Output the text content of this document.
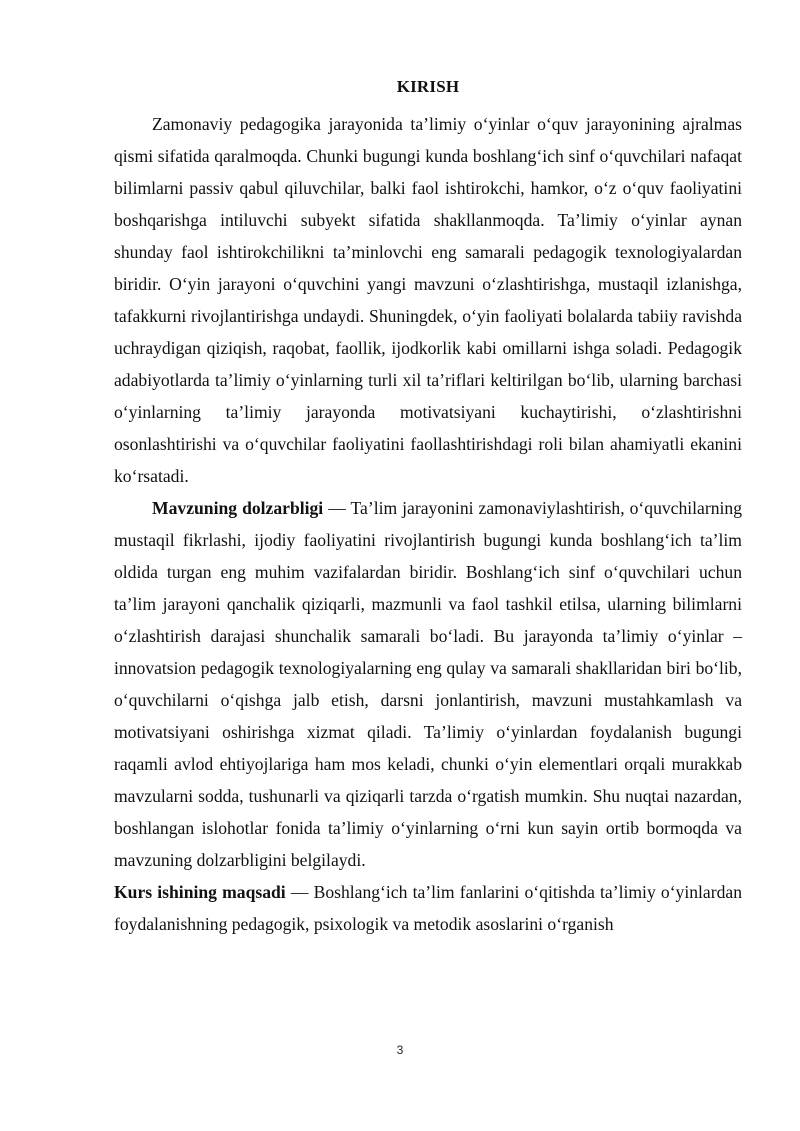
KIRISH

Zamonaviy pedagogika jarayonida ta’limiy o‘yinlar o‘quv jarayonining ajralmas qismi sifatida qaralmoqda. Chunki bugungi kunda boshlang‘ich sinf o‘quvchilari nafaqat bilimlarni passiv qabul qiluvchilar, balki faol ishtirokchi, hamkor, o‘z o‘quv faoliyatini boshqarishga intiluvchi subyekt sifatida shakllanmoqda. Ta’limiy o‘yinlar aynan shunday faol ishtirokchilikni ta’minlovchi eng samarali pedagogik texnologiyalardan biridir. O‘yin jarayoni o‘quvchini yangi mavzuni o‘zlashtirishga, mustaqil izlanishga, tafakkurni rivojlantirishga undaydi. Shuningdek, o‘yin faoliyati bolalarda tabiiy ravishda uchraydigan qiziqish, raqobat, faollik, ijodkorlik kabi omillarni ishga soladi. Pedagogik adabiyotlarda ta’limiy o‘yinlarning turli xil ta’riflari keltirilgan bo‘lib, ularning barchasi o‘yinlarning ta’limiy jarayonda motivatsiyani kuchaytirishi, o‘zlashtirishni osonlashtirishi va o‘quvchilar faoliyatini faollashtirishdagi roli bilan ahamiyatli ekanini ko‘rsatadi.

Mavzuning dolzarbligi — Ta’lim jarayonini zamonaviylashtirish, o‘quvchilarning mustaqil fikrlashi, ijodiy faoliyatini rivojlantirish bugungi kunda boshlang‘ich ta’lim oldida turgan eng muhim vazifalardan biridir. Boshlang‘ich sinf o‘quvchilari uchun ta’lim jarayoni qanchalik qiziqarli, mazmunli va faol tashkil etilsa, ularning bilimlarni o‘zlashtirish darajasi shunchalik samarali bo‘ladi. Bu jarayonda ta’limiy o‘yinlar – innovatsion pedagogik texnologiyalarning eng qulay va samarali shakllaridan biri bo‘lib, o‘quvchilarni o‘qishga jalb etish, darsni jonlantirish, mavzuni mustahkamlash va motivatsiyani oshirishga xizmat qiladi. Ta’limiy o‘yinlardan foydalanish bugungi raqamli avlod ehtiyojlariga ham mos keladi, chunki o‘yin elementlari orqali murakkab mavzularni sodda, tushunarli va qiziqarli tarzda o‘rgatish mumkin. Shu nuqtai nazardan, boshlangan islohotlar fonida ta’limiy o‘yinlarning o‘rni kun sayin ortib bormoqda va mavzuning dolzarbligini belgilaydi.

Kurs ishining maqsadi — Boshlang‘ich ta’lim fanlarini o‘qitishda ta’limiy o‘yinlardan foydalanishning pedagogik, psixologik va metodik asoslarini o‘rganish

3
